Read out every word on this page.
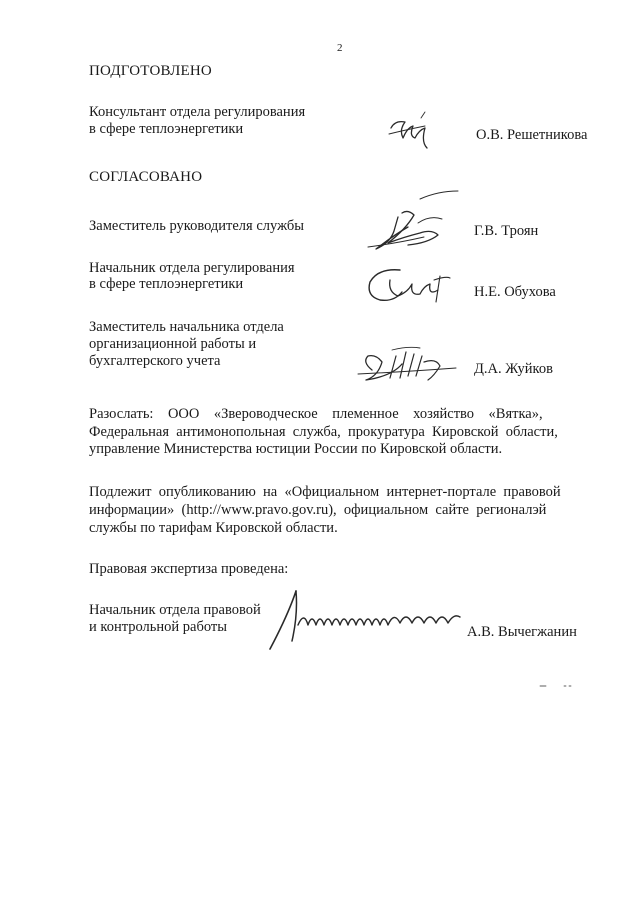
2
ПОДГОТОВЛЕНО
Консультант отдела регулирования
в сфере теплоэнергетики	О.В. Решетникова
СОГЛАСОВАНО
Заместитель руководителя службы	Г.В. Троян
Начальник отдела регулирования
в сфере теплоэнергетики	Н.Е. Обухова
Заместитель начальника отдела
организационной работы и
бухгалтерского учета	Д.А. Жуйков
Разослать:    ООО    «Звероводческое    племенное    хозяйство    «Вятка»,
Федеральная  антимонопольная  служба,  прокуратура  Кировской  области,
управление Министерства юстиции России по Кировской области.
Подлежит  опубликованию  на  «Официальном  интернет-портале  правовой
информации»  (http://www.pravo.gov.ru),  официальном  сайте  регионалэй
службы по тарифам Кировской области.
Правовая экспертиза проведена:
Начальник отдела правовой
и контрольной работы	А.В. Вычегжанин
